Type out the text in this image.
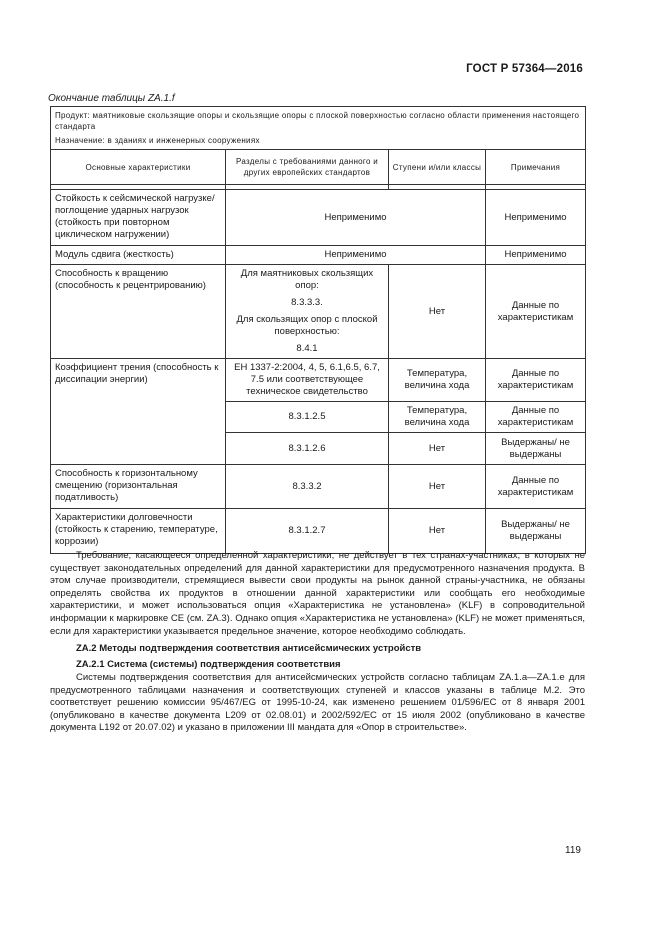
ГОСТ Р 57364—2016
Окончание таблицы ZA.1.f
Продукт: маятниковые скользящие опоры и скользящие опоры с плоской поверхностью согласно области применения настоящего стандарта
Назначение: в зданиях и инженерных сооружениях			

Основные характеристики	Разделы с требованиями данного и других европейских стандартов	Ступени и/или классы	Примечания

Стойкость к сейсмической нагрузке/поглощение ударных нагрузок (стойкость при повторном цикличеcком нагружении)	Неприменимо		Неприменимо
Модуль сдвига (жесткость)	Неприменимо		Неприменимо
Способность к вращению (способность к рецентрированию)	Для маятниковых скользящих опор:
8.3.3.3.
Для скользящих опор с плоской поверхностью:
8.4.1	Нет	Данные по характеристикам
Коэффициент трения (способность к диссипации энергии)	ЕН 1337-2:2004, 4, 5, 6.1,6.5, 6.7, 7.5 или соответствующее техническое свидетельство	Температура, величина хода	Данные по характеристикам
	8.3.1.2.5	Температура, величина хода	Данные по характеристикам
	8.3.1.2.6	Нет	Выдержаны/ не выдержаны
Способность к горизонтальному смещению (горизонтальная податливость)	8.3.3.2	Нет	Данные по характеристикам
Характеристики долговечности (стойкость к старению, температуре, коррозии)	8.3.1.2.7	Нет	Выдержаны/ не выдержаны

Требование, касающееся определенной характеристики, не действует в тех странах-участниках, в которых не существует законодательных определений для данной характеристики для предусмотренного назначения продукта. В этом случае производители, стремящиеся вывести свои продукты на рынок данной страны-участника, не обязаны определять свойства их продуктов в отношении данной характеристики или сообщать его необходимые характеристики, и может использоваться опция «Характеристика не установлена» (KLF) в сопроводительной информации к маркировке СЕ (см. ZA.3). Однако опция «Характеристика не установлена» (KLF) не может применяться, если для характеристики указывается предельное значение, которое необходимо соблюдать.

ZA.2 Методы подтверждения соответствия антисейсмических устройств

ZA.2.1 Система (системы) подтверждения соответствия

Системы подтверждения соответствия для антисейсмических устройств согласно таблицам ZA.1.a—ZA.1.e для предусмотренного таблицами назначения и соответствующих ступеней и классов указаны в таблице М.2. Это соответствует решению комиссии 95/467/EG от 1995-10-24, как изменено решением 01/596/ЕС от 8 января 2001 (опубликовано в качестве документа L209 от 02.08.01) и 2002/592/ЕС от 15 июля 2002 (опубликовано в качестве документа L192 от 20.07.02) и указано в приложении III мандата для «Опор в строительстве».

119
